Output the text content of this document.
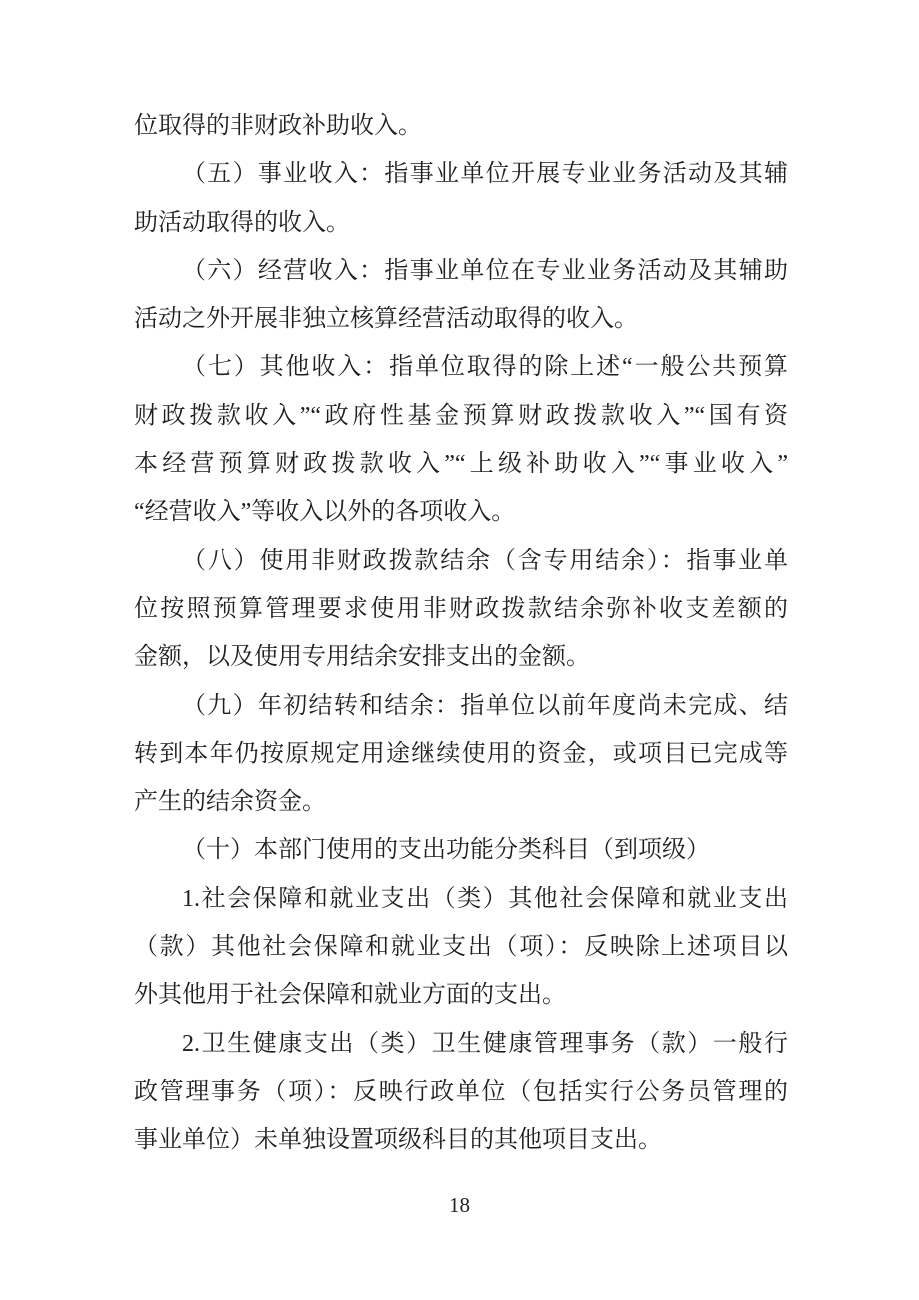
位取得的非财政补助收入。
（五）事业收入：指事业单位开展专业业务活动及其辅
助活动取得的收入。
（六）经营收入：指事业单位在专业业务活动及其辅助
活动之外开展非独立核算经营活动取得的收入。
（七）其他收入：指单位取得的除上述“一般公共预算
财政拨款收入”“政府性基金预算财政拨款收入”“国有资
本经营预算财政拨款收入”“上级补助收入”“事业收入”
“经营收入”等收入以外的各项收入。
（八）使用非财政拨款结余（含专用结余）：指事业单
位按照预算管理要求使用非财政拨款结余弥补收支差额的
金额，以及使用专用结余安排支出的金额。
（九）年初结转和结余：指单位以前年度尚未完成、结
转到本年仍按原规定用途继续使用的资金，或项目已完成等
产生的结余资金。
（十）本部门使用的支出功能分类科目（到项级）
1.社会保障和就业支出（类）其他社会保障和就业支出
（款）其他社会保障和就业支出（项）：反映除上述项目以
外其他用于社会保障和就业方面的支出。
2.卫生健康支出（类）卫生健康管理事务（款）一般行
政管理事务（项）：反映行政单位（包括实行公务员管理的
事业单位）未单独设置项级科目的其他项目支出。
18
